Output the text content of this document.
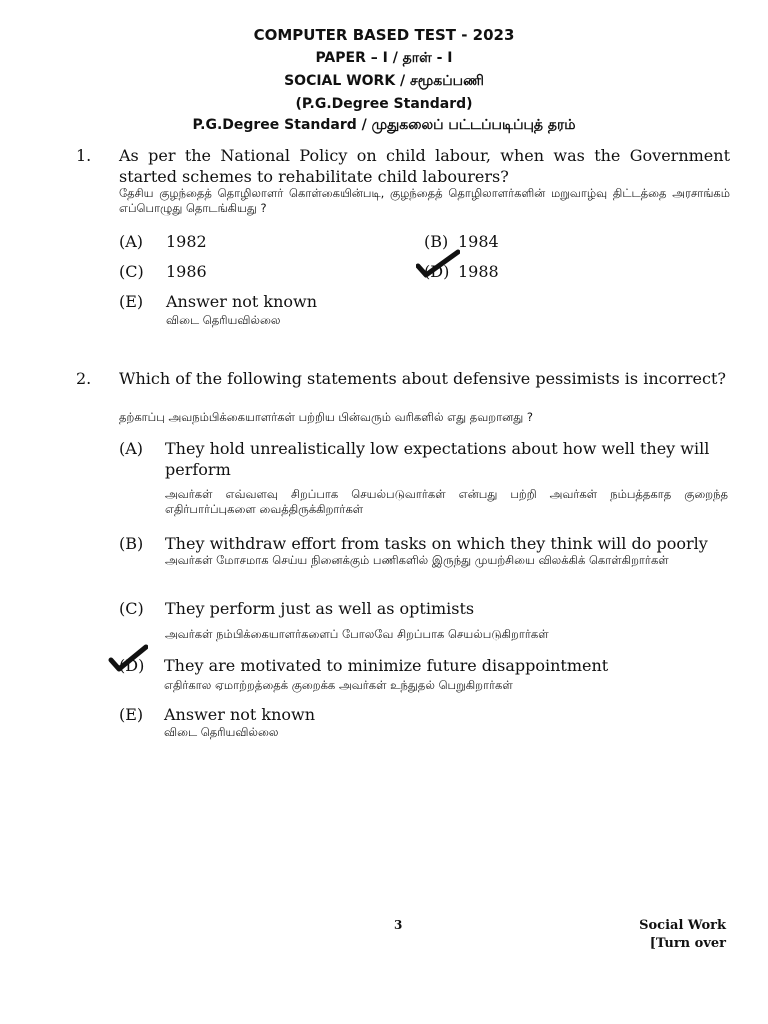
COMPUTER BASED TEST - 2023
PAPER – I / தாள் - I
SOCIAL WORK / சமூகப்பணி
(P.G.Degree Standard)
P.G.Degree Standard / முதுகலைப் பட்டப்படிப்புத் தரம்
1. As per the National Policy on child labour, when was the Government started schemes to rehabilitate child labourers?
தேசிய குழந்தைத் தொழிலாளர் கொள்கையின்படி, குழந்தைத் தொழிலாளர்களின் மறுவாழ்வு திட்டத்தை அரசாங்கம் எப்பொழுது தொடங்கியது ?
(A) 1982	(B) 1984
(C) 1986	(D) 1988
(E) Answer not known
விடை தெரியவில்லை
2. Which of the following statements about defensive pessimists is incorrect?
தற்காப்பு அவநம்பிக்கையாளர்கள் பற்றிய பின்வரும் வரிகளில் எது தவறானது ?
(A) They hold unrealistically low expectations about how well they will perform
அவர்கள் எவ்வளவு சிறப்பாக செயல்படுவார்கள் என்பது பற்றி அவர்கள் நம்பத்தகாத குறைந்த எதிர்பார்ப்புகளை வைத்திருக்கிறார்கள்
(B) They withdraw effort from tasks on which they think will do poorly
அவர்கள் மோசமாக செய்ய நினைக்கும் பணிகளில் இருந்து முயற்சியை விலக்கிக் கொள்கிறார்கள்
(C) They perform just as well as optimists
அவர்கள் நம்பிக்கையாளர்களைப் போலவே சிறப்பாக செயல்படுகிறார்கள்
(D) They are motivated to minimize future disappointment
எதிர்கால ஏமாற்றத்தைக் குறைக்க அவர்கள் உந்துதல் பெறுகிறார்கள்
(E) Answer not known
விடை தெரியவில்லை
3	Social Work
[Turn over
